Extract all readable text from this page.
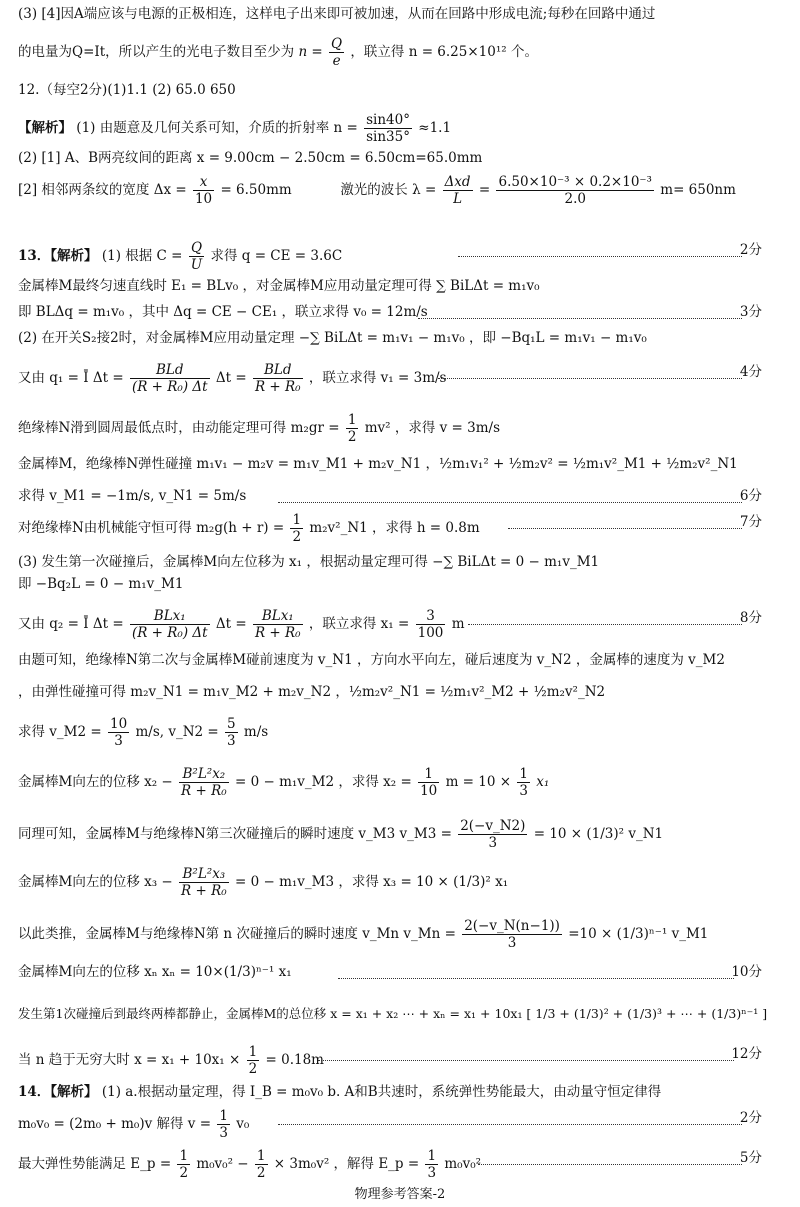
(3) [4]因A端应该与电源的正极相连，这样电子出来即可被加速，从而在回路中形成电流;每秒在回路中通过
的电量为Q=It，所以产生的光电子数目至少为 $n = \frac{Q}{e}$ ，联立得 n = 6.25×10¹² 个。
12.（每空2分)(1)1.1 (2) 65.0 650
【解析】 (1) 由题意及几何关系可知，介质的折射率 $n = \frac{\sin 40^\circ}{\sin 35^\circ} \approx 1.1$
(2) [1] A、B两亮纹间的距离 x = 9.00cm − 2.50cm = 6.50cm=65.0mm
[2] 相邻两条纹的宽度 $\Delta x = \frac{x}{10} = 6.50mm$	激光的波长 $\lambda = \frac{\text{Δxd}}{L} = \frac{\text{6.50×10⁻³ × 0.2×10⁻³}}{2.0} m= 650nm$
13．【解析】 (1) 根据 $C = \frac{Q}{U}$ 求得 q = CE = 3.6C	2分
金属棒M最终匀速直线时 E₁ = BLv₀ ，对金属棒M应用动量定理可得 ∑ BiLΔt = m₁v₀
即 BLΔq = m₁v₀ ，其中 Δq = CE − CE₁ ，联立求得 v₀ = 12m/s	3分
(2) 在开关S₂接2时，对金属棒M应用动量定理 −∑ BiLΔt = m₁v₁ − m₁v₀ ，即 −Bq₁L = m₁v₁ − m₁v₀
又由 q₁ = Ī $\Delta t = \frac{\text{BLd}}{\text{(R + R₀) Δt}}$ $\Delta t = \frac{\text{BLd}}{\text{R + R₀}}$ ，联立求得 v₁ = 3m/s	4分
绝缘棒N滑到圆周最低点时，由动能定理可得 $m_2gr = \frac{1}{2} mv^2$ ，求得 v = 3m/s
金属棒M，绝缘棒N弹性碰撞 m₁v₁ − m₂v = m₁v_M1 + m₂v_N1 ，½m₁v₁² + ½m₂v² = ½m₁v²_M1 + ½m₂v²_N1
求得 v_M1 = −1m/s, v_N1 = 5m/s	6分
对绝缘棒N由机械能守恒可得 $m_2g(h + r) = \frac{1}{2}$ m₂v²_N1 ，求得 h = 0.8m	7分
(3) 发生第一次碰撞后，金属棒M向左位移为 x₁ ，根据动量定理可得 −∑ BiLΔt = 0 − m₁v_M1
即 −Bq₂L = 0 − m₁v_M1
又由 q₂ = Ī $\Delta t = \frac{\text{BLx₁}}{\text{(R + R₀) Δt}}$ $\Delta t = \frac{\text{BLx₁}}{\text{R + R₀}}$ ，联立求得 $x_1 = \frac{3}{100}$ m	8分
由题可知，绝缘棒N第二次与金属棒M碰前速度为 v_N1 ，方向水平向左，碰后速度为 v_N2 ，金属棒的速度为 v_M2
，由弹性碰撞可得 m₂v_N1 = m₁v_M2 + m₂v_N2 ，½m₂v²_N1 = ½m₁v²_M2 + ½m₂v²_N2
求得 v_M2 = $\frac{10}{3} m/s$, v_N2 = $\frac{5}{3} m/s$
金属棒M向左的位移 $x_2 - \frac{\text{B²L²x₂}}{\text{R + R₀}} = 0$ − m₁v_M2 ，求得 $x_2 = \frac{1}{10}$ $m = 10 \times \frac{1}{3} x_1$
同理可知，金属棒M与绝缘棒N第三次碰撞后的瞬时速度 v_M3 v_M3 = $\frac{2(-v\_N2)}{3} = 10 \times (1/3)^2$ v_N1
金属棒M向左的位移 $x_3 - \frac{\text{B²L²x₃}}{\text{R + R₀}} = 0$ − m₁v_M3 ，求得 x₃ = 10 × (1/3)² x₁
以此类推，金属棒M与绝缘棒N第 n 次碰撞后的瞬时速度 v_Mn v_Mn = $\frac{2(-v\_N(n-1))}{3} =10 \times (1/3)^{n-1}$ v_M1
金属棒M向左的位移 xₙ xₙ = 10×(1/3)ⁿ⁻¹ x₁	10分
发生第1次碰撞后到最终两棒都静止，金属棒M的总位移 x = x₁ + x₂ ⋯ + xₙ = x₁ + 10x₁ [ 1/3 + (1/3)² + (1/3)³ + ⋯ + (1/3)ⁿ⁻¹ ]
当 n 趋于无穷大时 $x = x_1 + 10x_1 \times \frac{1}{2} = 0.18m$	12分
14．【解析】 (1) a.根据动量定理，得 I_B = m₀v₀ b. A和B共速时，系统弹性势能最大，由动量守恒定律得
m₀v₀ = (2m₀ + m₀)v 解得 $v = \frac{1}{3} v_0$	2分
最大弹性势能满足 E_p = $\frac{1}{2} m_0v_0^2 - \frac{1}{2} \times 3m_0v^2$ ，解得 E_p = $\frac{1}{3} m_0v_0^2$	5分
物理参考答案-2
